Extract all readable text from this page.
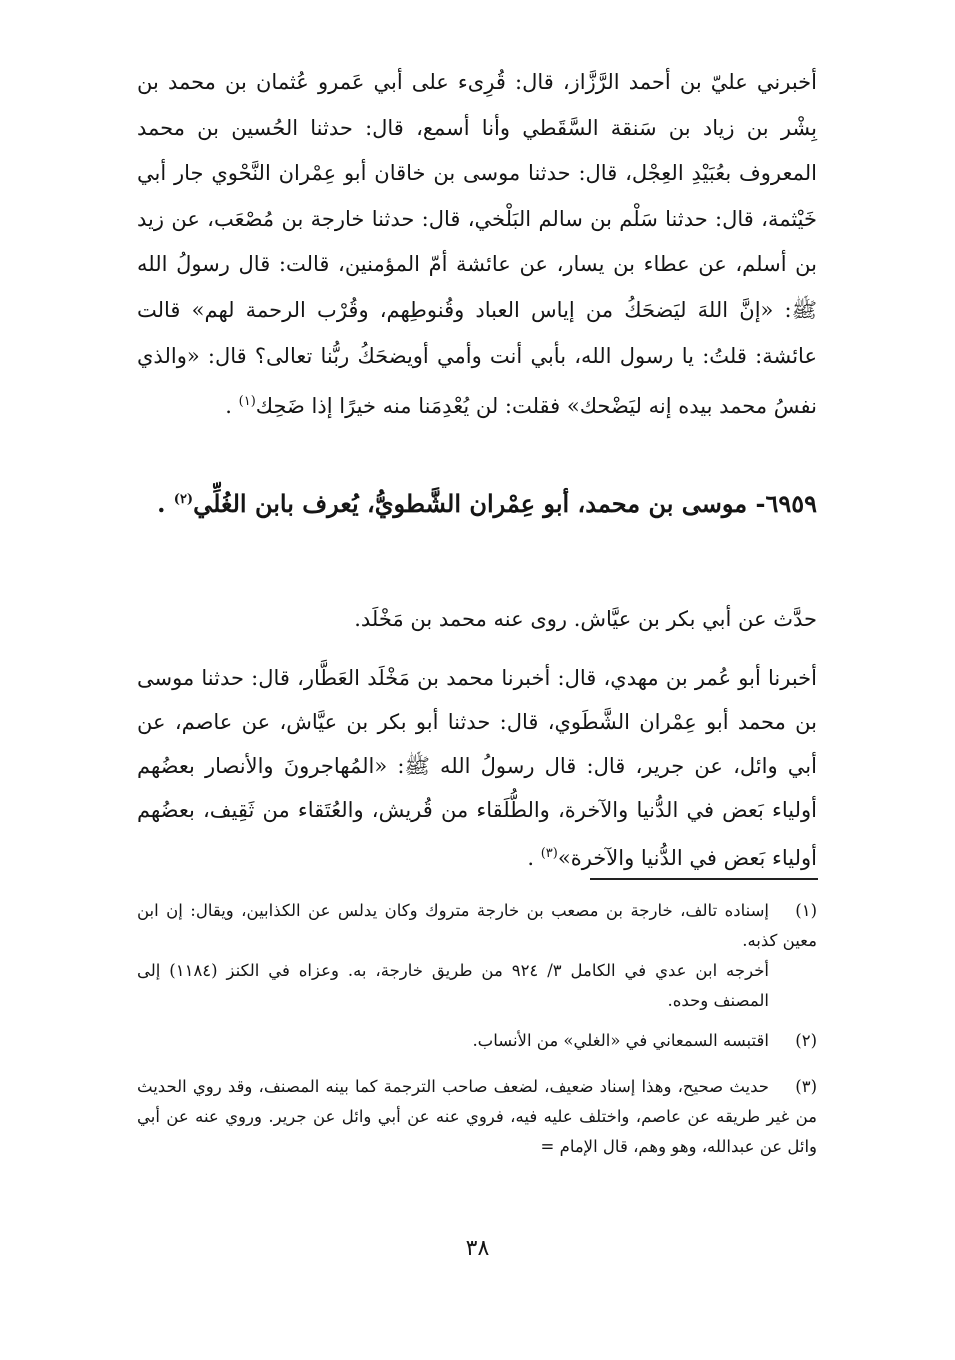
أخبرني عليّ بن أحمد الرَّزَّاز، قال: قُرِىء على أبي عَمرو عُثمان بن محمد بن بِشْر بن زياد بن سَنقة السَّقَطي وأنا أسمع، قال: حدثنا الحُسين بن محمد المعروف بعُبَيْدِ العِجْل، قال: حدثنا موسى بن خاقان أبو عِمْران النَّحْوي جار أبي خَيْثمة، قال: حدثنا سَلْم بن سالم البَلْخي، قال: حدثنا خارجة بن مُصْعَب، عن زيد بن أسلم، عن عطاء بن يسار، عن عائشة أمّ المؤمنين، قالت: قال رسولُ الله ﷺ: «إنَّ اللهَ ليَضحَكُ من إياس العباد وقُنوطِهم، وقُرْب الرحمة لهم» قالت عائشة: قلتُ: يا رسول الله، بأبي أنت وأمي أويضحَكُ ربُّنا تعالى؟ قال: «والذي نفسُ محمد بيده إنه ليَضْحك» فقلت: لن يُعْدِمَنا منه خيرًا إذا ضَحِك$^{(١)}$ .
٦٩٥٩- موسى بن محمد، أبو عِمْران الشَّطويُّ، يُعرف بابن الغُلِّي$^{(٢)}$ .
حدَّث عن أبي بكر بن عيَّاش. روى عنه محمد بن مَخْلَد.
أخبرنا أبو عُمر بن مهدي، قال: أخبرنا محمد بن مَخْلَد العَطَّار، قال: حدثنا موسى بن محمد أبو عِمْران الشَّطَوي، قال: حدثنا أبو بكر بن عيَّاش، عن عاصم، عن أبي وائل، عن جرير، قال: قال رسولُ الله ﷺ: «المُهاجرونَ والأنصار بعضُهم أولياء بَعض في الدُّنيا والآخرة، والطُّلَقاء من قُريش، والعُتَقاء من ثَقِيف، بعضُهم أولياء بَعض في الدُّنيا والآخرة»$^{(٣)}$ .
(١)إسناده تالف، خارجة بن مصعب بن خارجة متروك وكان يدلس عن الكذابين، ويقال: إن ابن معين كذبه.
أخرجه ابن عدي في الكامل ٣/ ٩٢٤ من طريق خارجة، به. وعزاه في الكنز (١١٨٤) إلى المصنف وحده.
(٢)اقتبسه السمعاني في «الغلي» من الأنساب.
(٣)حديث صحيح، وهذا إسناد ضعيف، لضعف صاحب الترجمة كما بينه المصنف، وقد روي الحديث من غير طريقه عن عاصم، واختلف عليه فيه، فروي عنه عن أبي وائل عن جرير. وروي عنه عن أبي وائل عن عبدالله، وهو وهم، قال الإمام =
٣٨
